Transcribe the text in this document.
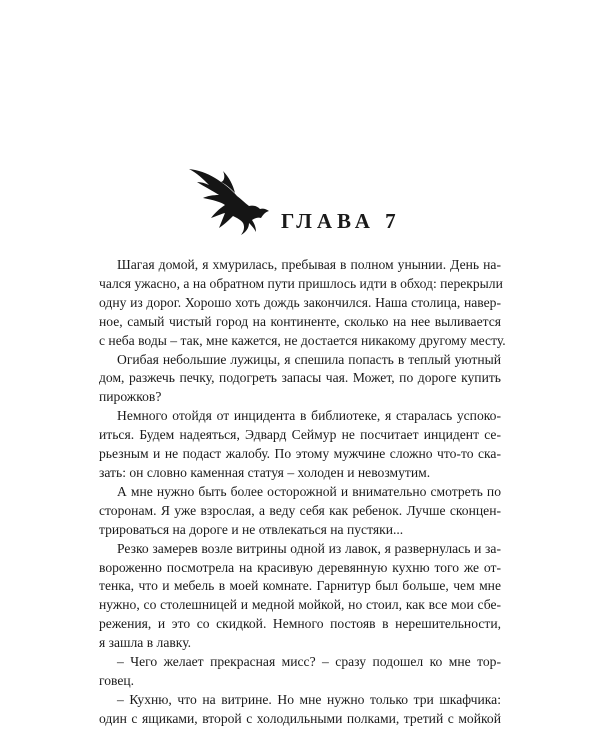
ГЛАВА 7

Шагая домой, я хмурилась, пребывая в полном унынии. День на-
чался ужасно, а на обратном пути пришлось идти в обход: перекрыли
одну из дорог. Хорошо хоть дождь закончился. Наша столица, навер-
ное, самый чистый город на континенте, сколько на нее выливается
с неба воды – так, мне кажется, не достается никакому другому месту.

Огибая небольшие лужицы, я спешила попасть в теплый уютный
дом, разжечь печку, подогреть запасы чая. Может, по дороге купить
пирожков?

Немного отойдя от инцидента в библиотеке, я старалась успоко-
иться. Будем надеяться, Эдвард Сеймур не посчитает инцидент се-
рьезным и не подаст жалобу. По этому мужчине сложно что-то ска-
зать: он словно каменная статуя – холоден и невозмутим.

А мне нужно быть более осторожной и внимательно смотреть по
сторонам. Я уже взрослая, а веду себя как ребенок. Лучше сконцен-
трироваться на дороге и не отвлекаться на пустяки...

Резко замерев возле витрины одной из лавок, я развернулась и за-
вороженно посмотрела на красивую деревянную кухню того же от-
тенка, что и мебель в моей комнате. Гарнитур был больше, чем мне
нужно, со столешницей и медной мойкой, но стоил, как все мои сбе-
режения, и это со скидкой. Немного постояв в нерешительности,
я зашла в лавку.

– Чего желает прекрасная мисс? – сразу подошел ко мне тор-
говец.

– Кухню, что на витрине. Но мне нужно только три шкафчика:
один с ящиками, второй с холодильными полками, третий с мойкой
